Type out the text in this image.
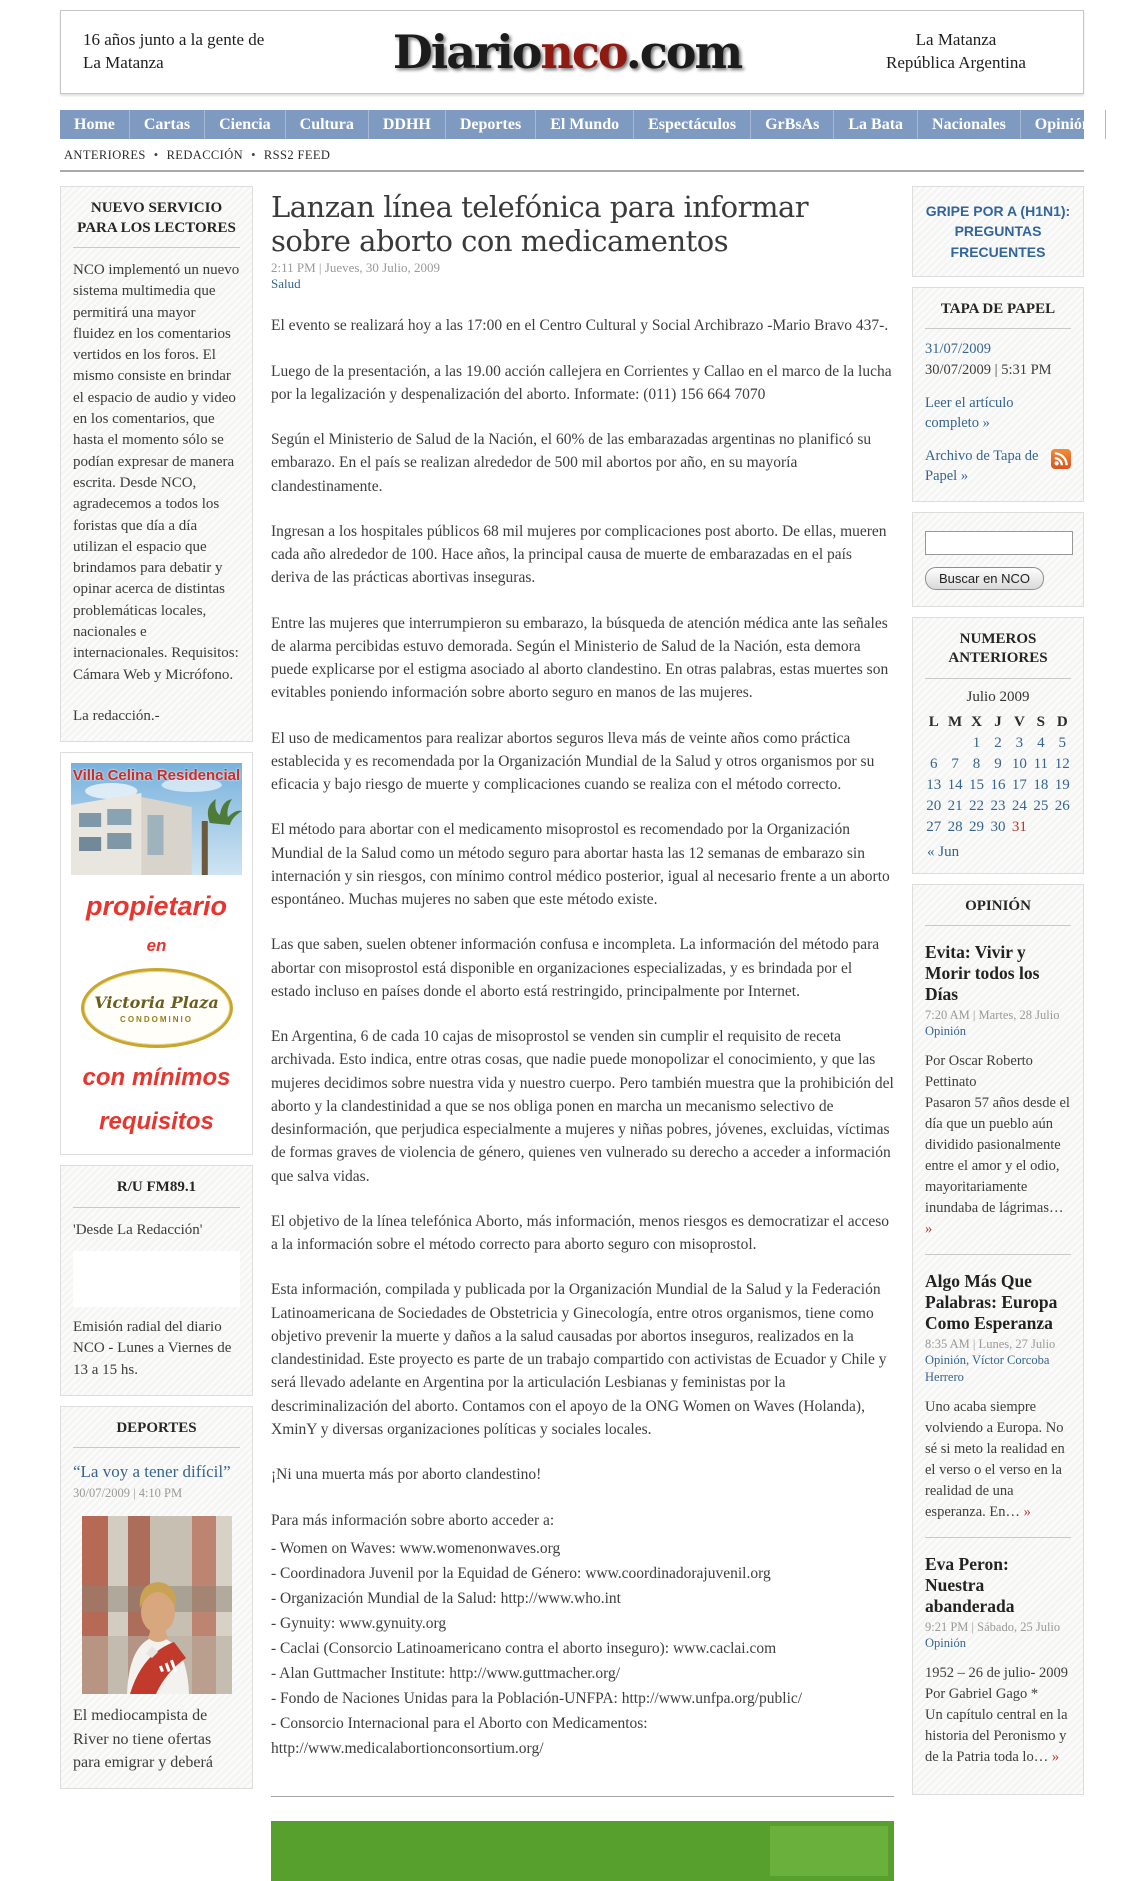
16 años junto a la gente de La Matanza	Diarionco.com	La Matanza
República Argentina
Home	Cartas	Ciencia	Cultura	DDHH	Deportes	El Mundo	Espectáculos	GrBsAs	La Bata	Nacionales	Opinión
ANTERIORES • REDACCIÓN • RSS2 FEED
NUEVO SERVICIO PARA LOS LECTORES
NCO implementó un nuevo sistema multimedia que permitirá una mayor fluidez en los comentarios vertidos en los foros. El mismo consiste en brindar el espacio de audio y video en los comentarios, que hasta el momento sólo se podían expresar de manera escrita. Desde NCO, agradecemos a todos los foristas que día a día utilizan el espacio que brindamos para debatir y opinar acerca de distintas problemáticas locales, nacionales e internacionales. Requisitos: Cámara Web y Micrófono.
La redacción.-
Villa Celina Residencial
propietario
en
Victoria Plaza
CONDOMINIO
con mínimos
requisitos
R/U FM89.1
'Desde La Redacción'
Emisión radial del diario NCO - Lunes a Viernes de 13 a 15 hs.
DEPORTES
“La voy a tener difícil”
30/07/2009 | 4:10 PM
El mediocampista de River no tiene ofertas para emigrar y deberá
Lanzan línea telefónica para informar sobre aborto con medicamentos
2:11 PM | Jueves, 30 Julio, 2009
Salud

El evento se realizará hoy a las 17:00 en el Centro Cultural y Social Archibrazo -Mario Bravo 437-.

Luego de la presentación, a las 19.00 acción callejera en Corrientes y Callao en el marco de la lucha por la legalización y despenalización del aborto. Informate: (011) 156 664 7070

Según el Ministerio de Salud de la Nación, el 60% de las embarazadas argentinas no planificó su embarazo. En el país se realizan alrededor de 500 mil abortos por año, en su mayoría clandestinamente.

Ingresan a los hospitales públicos 68 mil mujeres por complicaciones post aborto. De ellas, mueren cada año alrededor de 100. Hace años, la principal causa de muerte de embarazadas en el país deriva de las prácticas abortivas inseguras.

Entre las mujeres que interrumpieron su embarazo, la búsqueda de atención médica ante las señales de alarma percibidas estuvo demorada. Según el Ministerio de Salud de la Nación, esta demora puede explicarse por el estigma asociado al aborto clandestino. En otras palabras, estas muertes son evitables poniendo información sobre aborto seguro en manos de las mujeres.

El uso de medicamentos para realizar abortos seguros lleva más de veinte años como práctica establecida y es recomendada por la Organización Mundial de la Salud y otros organismos por su eficacia y bajo riesgo de muerte y complicaciones cuando se realiza con el método correcto.

El método para abortar con el medicamento misoprostol es recomendado por la Organización Mundial de la Salud como un método seguro para abortar hasta las 12 semanas de embarazo sin internación y sin riesgos, con mínimo control médico posterior, igual al necesario frente a un aborto espontáneo. Muchas mujeres no saben que este método existe.

Las que saben, suelen obtener información confusa e incompleta. La información del método para abortar con misoprostol está disponible en organizaciones especializadas, y es brindada por el estado incluso en países donde el aborto está restringido, principalmente por Internet.

En Argentina, 6 de cada 10 cajas de misoprostol se venden sin cumplir el requisito de receta archivada. Esto indica, entre otras cosas, que nadie puede monopolizar el conocimiento, y que las mujeres decidimos sobre nuestra vida y nuestro cuerpo. Pero también muestra que la prohibición del aborto y la clandestinidad a que se nos obliga ponen en marcha un mecanismo selectivo de desinformación, que perjudica especialmente a mujeres y niñas pobres, jóvenes, excluidas, víctimas de formas graves de violencia de género, quienes ven vulnerado su derecho a acceder a información que salva vidas.

El objetivo de la línea telefónica Aborto, más información, menos riesgos es democratizar el acceso a la información sobre el método correcto para aborto seguro con misoprostol.

Esta información, compilada y publicada por la Organización Mundial de la Salud y la Federación Latinoamericana de Sociedades de Obstetricia y Ginecología, entre otros organismos, tiene como objetivo prevenir la muerte y daños a la salud causadas por abortos inseguros, realizados en la clandestinidad. Este proyecto es parte de un trabajo compartido con activistas de Ecuador y Chile y será llevado adelante en Argentina por la articulación Lesbianas y feministas por la descriminalización del aborto. Contamos con el apoyo de la ONG Women on Waves (Holanda), XminY y diversas organizaciones políticas y sociales locales.

¡Ni una muerta más por aborto clandestino!

Para más información sobre aborto acceder a:
- Women on Waves: www.womenonwaves.org
- Coordinadora Juvenil por la Equidad de Género: www.coordinadorajuvenil.org
- Organización Mundial de la Salud: http://www.who.int
- Gynuity: www.gynuity.org
- Caclai (Consorcio Latinoamericano contra el aborto inseguro): www.caclai.com
- Alan Guttmacher Institute: http://www.guttmacher.org/
- Fondo de Naciones Unidas para la Población-UNFPA: http://www.unfpa.org/public/
- Consorcio Internacional para el Aborto con Medicamentos:
http://www.medicalabortionconsortium.org/
GRIPE POR A (H1N1): PREGUNTAS FRECUENTES
TAPA DE PAPEL
31/07/2009
30/07/2009 | 5:31 PM
Leer el artículo completo »
Archivo de Tapa de Papel »
Buscar en NCO
NUMEROS ANTERIORES
Julio 2009
L	M	X	J	V	S	D
		1	2	3	4	5
6	7	8	9	10	11	12
13	14	15	16	17	18	19
20	21	22	23	24	25	26
27	28	29	30	31		
« Jun
OPINIÓN
Evita: Vivir y Morir todos los Días
7:20 AM | Martes, 28 Julio
Opinión
Por Oscar Roberto Pettinato
Pasaron 57 años desde el día que un pueblo aún dividido pasionalmente entre el amor y el odio, mayoritariamente inundaba de lágrimas… »
Algo Más Que Palabras: Europa Como Esperanza
8:35 AM | Lunes, 27 Julio
Opinión, Víctor Corcoba Herrero
Uno acaba siempre volviendo a Europa. No sé si meto la realidad en el verso o el verso en la realidad de una esperanza. En… »
Eva Peron: Nuestra abanderada
9:21 PM | Sábado, 25 Julio
Opinión
1952 – 26 de julio- 2009
Por Gabriel Gago *
Un capítulo central en la historia del Peronismo y de la Patria toda lo… »
